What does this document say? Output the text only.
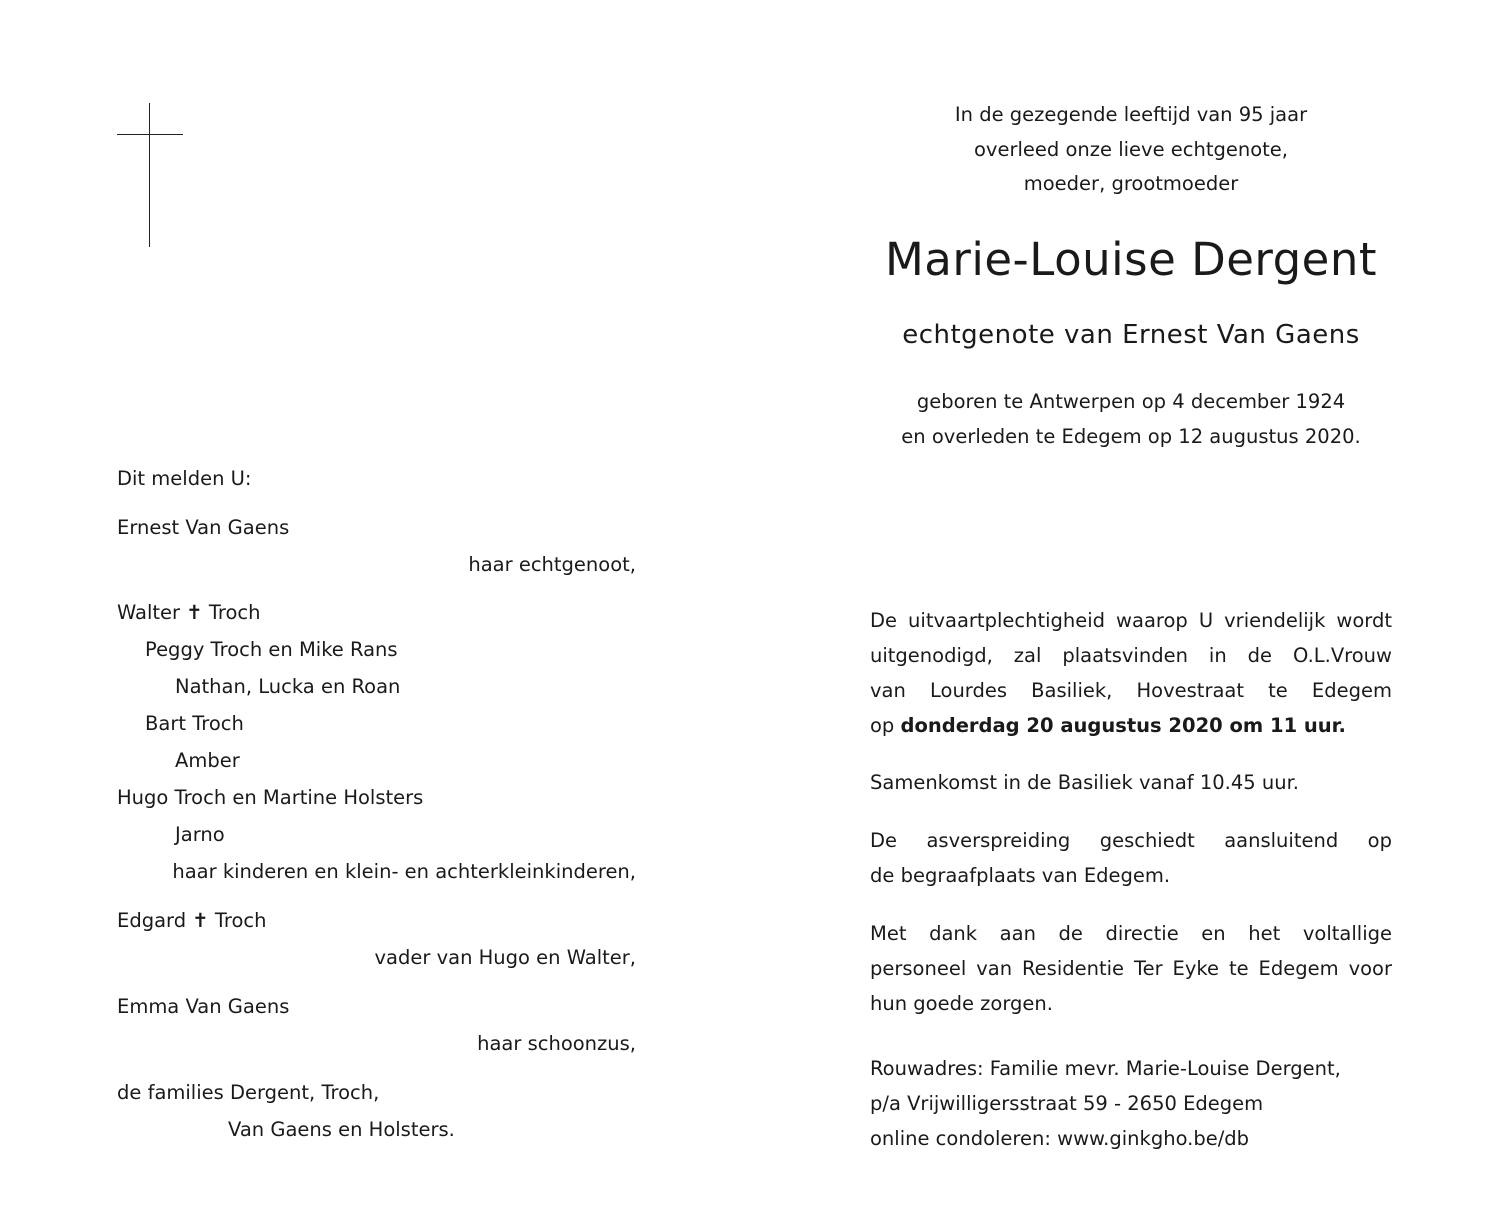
In de gezegende leeftijd van 95 jaar
overleed onze lieve echtgenote,
moeder, grootmoeder
Marie-Louise Dergent
echtgenote van Ernest Van Gaens
geboren te Antwerpen op 4 december 1924
en overleden te Edegem op 12 augustus 2020.
Dit melden U:
Ernest Van Gaens
haar echtgenoot,
Walter ✝ Troch
Peggy Troch en Mike Rans
Nathan, Lucka en Roan
Bart Troch
Amber
Hugo Troch en Martine Holsters
Jarno
haar kinderen en klein- en achterkleinkinderen,
Edgard ✝ Troch
vader van Hugo en Walter,
Emma Van Gaens
haar schoonzus,
de families Dergent, Troch,
Van Gaens en Holsters.
De uitvaartplechtigheid waarop U vriendelijk wordt
uitgenodigd, zal plaatsvinden in de O.L.Vrouw
van Lourdes Basiliek, Hovestraat te Edegem
op donderdag 20 augustus 2020 om 11 uur.
Samenkomst in de Basiliek vanaf 10.45 uur.
De asverspreiding geschiedt aansluitend op
de begraafplaats van Edegem.
Met dank aan de directie en het voltallige
personeel van Residentie Ter Eyke te Edegem voor
hun goede zorgen.
Rouwadres: Familie mevr. Marie-Louise Dergent,
p/a Vrijwilligersstraat 59 - 2650 Edegem
online condoleren: www.ginkgho.be/db
